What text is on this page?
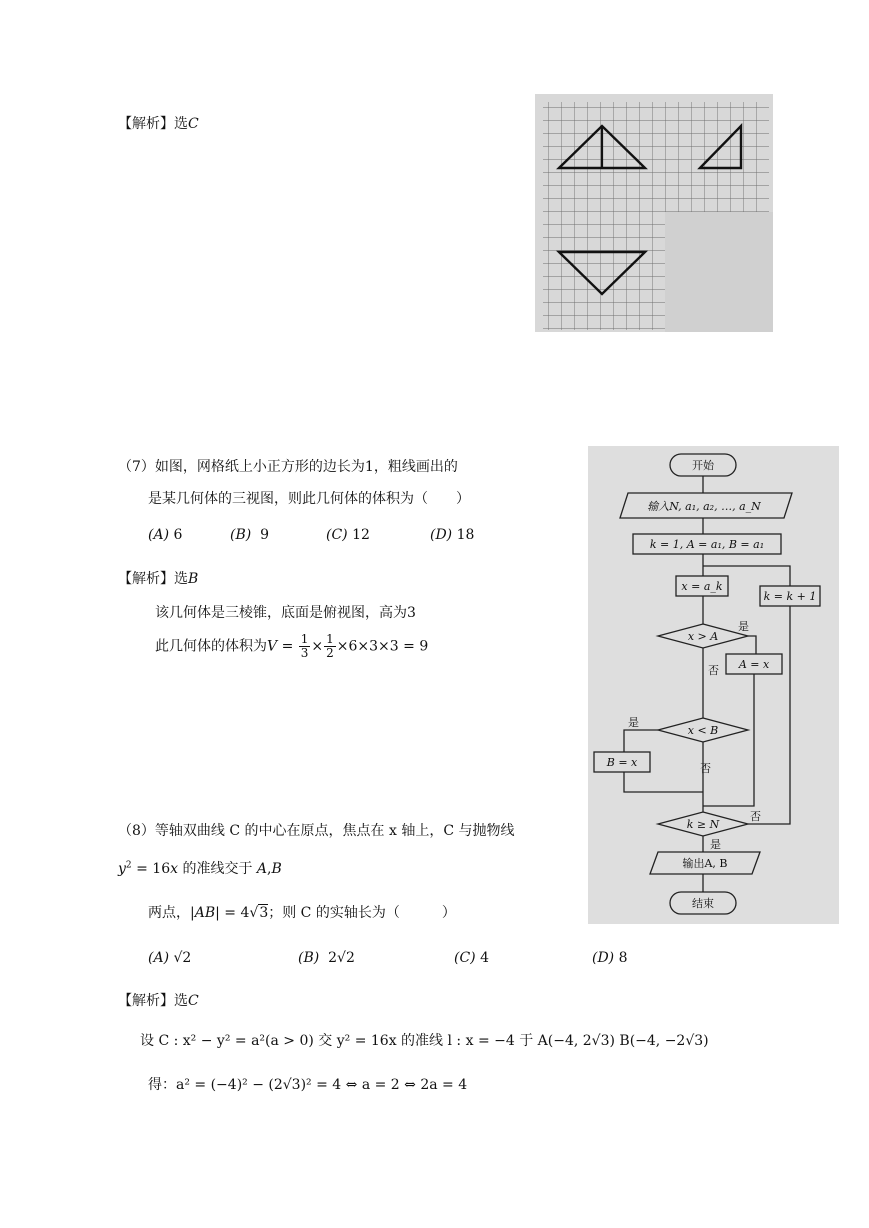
【解析】选C
（7）如图，网格纸上小正方形的边长为1，粗线画出的
是某几何体的三视图，则此几何体的体积为（　　）
(A) 6	(B) 9	(C) 12	(D) 18
【解析】选B
该几何体是三棱锥，底面是俯视图，高为3
此几何体的体积为$V = \frac{1}{3} \times \frac{1}{2} \times 6\times 3\times 3 = 9$
开始
输入N, a₁, a₂, …, a_N
k = 1, A = a₁, B = a₁
x = a_k
k = k + 1
x > A
是
A = x
否
x < B
是
B = x	否
k ≥ N
否
是
输出A, B
结束
（8）等轴双曲线 C 的中心在原点，焦点在 x 轴上，C 与抛物线
$y^2 = 16x$ 的准线交于 A,B
两点，|AB| = 4√3；则 C 的实轴长为（　　　）
(A) √2	(B) 2√2	(C) 4	(D) 8
【解析】选C
设 C : x² − y² = a²(a > 0) 交 y² = 16x 的准线 l : x = −4 于 A(−4, 2√3) B(−4, −2√3)
得：a² = (−4)² − (2√3)² = 4 ⇔ a = 2 ⇔ 2a = 4
